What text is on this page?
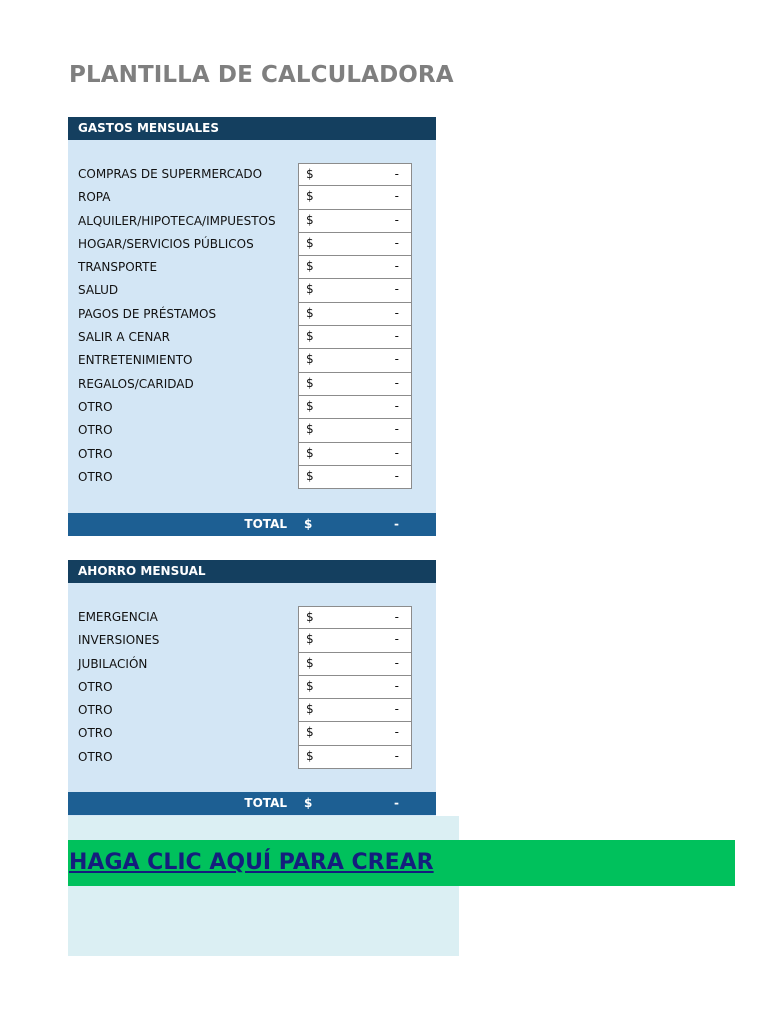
PLANTILLA DE CALCULADORA
GASTOS MENSUALES
COMPRAS DE SUPERMERCADO	$	-
ROPA	$	-
ALQUILER/HIPOTECA/IMPUESTOS	$	-
HOGAR/SERVICIOS PÚBLICOS	$	-
TRANSPORTE	$	-
SALUD	$	-
PAGOS DE PRÉSTAMOS	$	-
SALIR A CENAR	$	-
ENTRETENIMIENTO	$	-
REGALOS/CARIDAD	$	-
OTRO	$	-
OTRO	$	-
OTRO	$	-
OTRO	$	-
TOTAL $	-
AHORRO MENSUAL
EMERGENCIA	$	-
INVERSIONES	$	-
JUBILACIÓN	$	-
OTRO	$	-
OTRO	$	-
OTRO	$	-
OTRO	$	-
TOTAL $	-
HAGA CLIC AQUÍ PARA CREAR
